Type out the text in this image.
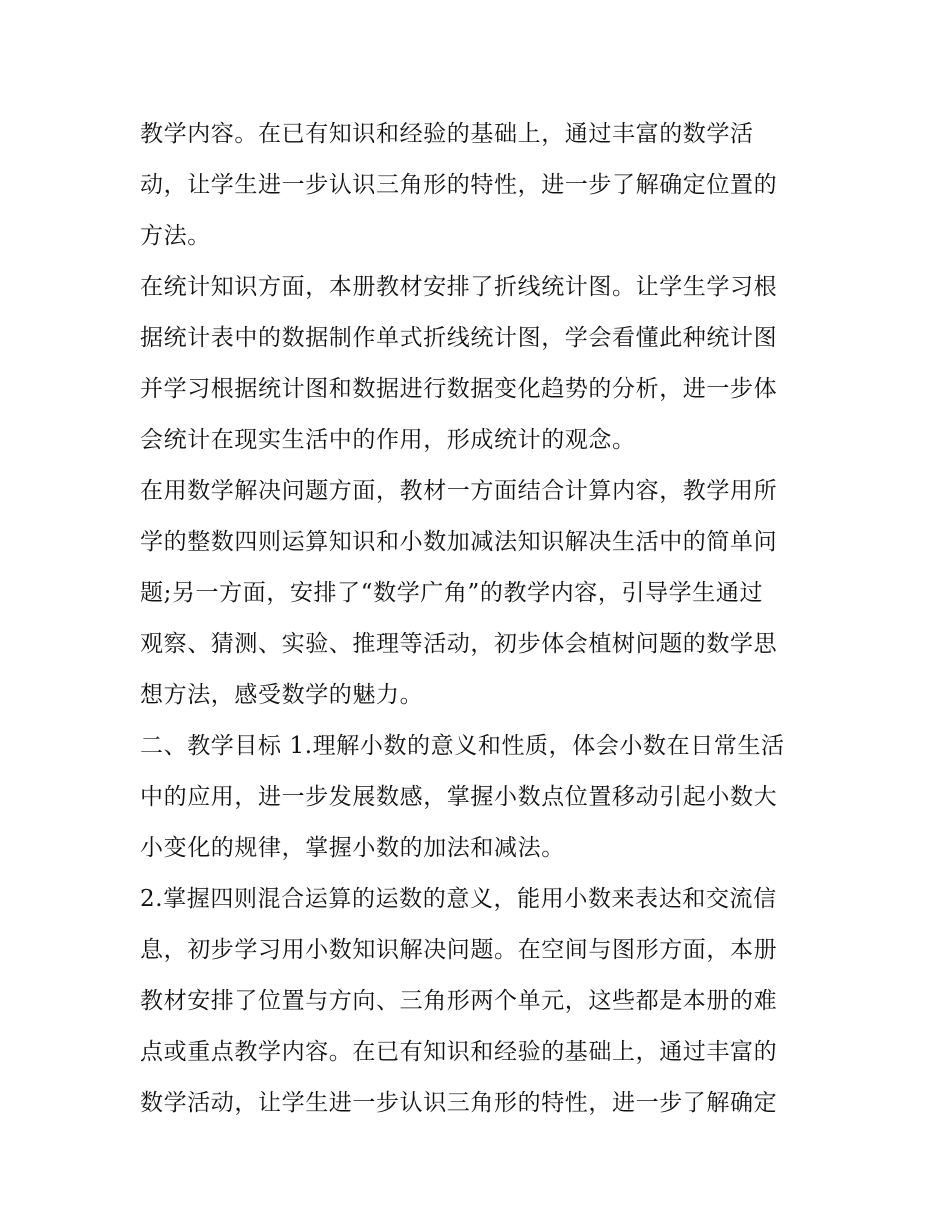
教学内容。在已有知识和经验的基础上，通过丰富的数学活
动，让学生进一步认识三角形的特性，进一步了解确定位置的
方法。
在统计知识方面，本册教材安排了折线统计图。让学生学习根
据统计表中的数据制作单式折线统计图，学会看懂此种统计图
并学习根据统计图和数据进行数据变化趋势的分析，进一步体
会统计在现实生活中的作用，形成统计的观念。
在用数学解决问题方面，教材一方面结合计算内容，教学用所
学的整数四则运算知识和小数加减法知识解决生活中的简单问
题;另一方面，安排了“数学广角”的教学内容，引导学生通过
观察、猜测、实验、推理等活动，初步体会植树问题的数学思
想方法，感受数学的魅力。
二、教学目标 1.理解小数的意义和性质，体会小数在日常生活
中的应用，进一步发展数感，掌握小数点位置移动引起小数大
小变化的规律，掌握小数的加法和减法。
2.掌握四则混合运算的运数的意义，能用小数来表达和交流信
息，初步学习用小数知识解决问题。在空间与图形方面，本册
教材安排了位置与方向、三角形两个单元，这些都是本册的难
点或重点教学内容。在已有知识和经验的基础上，通过丰富的
数学活动，让学生进一步认识三角形的特性，进一步了解确定
